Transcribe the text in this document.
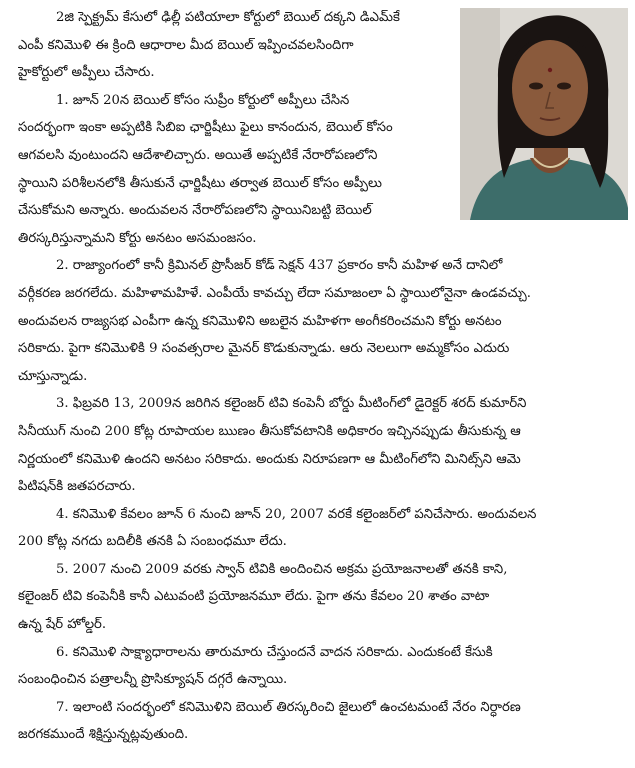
2జి స్పెక్ట్రమ్ కేసులో ఢిల్లీ పటియాలా కోర్టులో బెయిల్ దక్కని డిఎమ్‌కే
ఎంపీ కనిమొళి ఈ క్రింది ఆధారాల మీద బెయిల్ ఇప్పించవలసిందిగా
హైకోర్టులో అప్పీలు చేసారు.

1. జూన్ 20న బెయిల్ కోసం సుప్రీం కోర్టులో అప్పీలు చేసిన
సందర్భంగా ఇంకా అప్పటికి సిబిఐ ఛార్జిషీటు ఫైలు కానందున, బెయిల్ కోసం
ఆగవలసి వుంటుందని ఆదేశాలిచ్చారు. అయితే అప్పటికే నేరారోపణలోని
స్థాయిని పరిశీలనలోకి తీసుకునే ఛార్జిషీటు తర్వాత బెయిల్ కోసం అప్పీలు
చేసుకోమని అన్నారు. అందువలన నేరారోపణలోని స్థాయినిబట్టి బెయిల్
తిరస్కరిస్తున్నామని కోర్టు అనటం అసమంజసం.

2. రాజ్యాంగంలో కానీ క్రిమినల్ ప్రొసీజర్ కోడ్ సెక్షన్ 437 ప్రకారం కానీ మహిళ అనే దానిలో
వర్గీకరణ జరగలేదు. మహిళామహిళే. ఎంపీయే కావచ్చు లేదా సమాజంలా ఏ స్థాయిలోనైనా ఉండవచ్చు.
అందువలన రాజ్యసభ ఎంపీగా ఉన్న కనిమొళిని అబలైన మహిళగా అంగీకరించమని కోర్టు అనటం
సరికాదు. పైగా కనిమొళికి 9 సంవత్సరాల మైనర్ కొడుకున్నాడు. ఆరు నెలలుగా అమ్మకోసం ఎదురు
చూస్తున్నాడు.

3. ఫిబ్రవరి 13, 2009న జరిగిన కలైంజర్ టివి కంపెనీ బోర్డు మీటింగ్‌లో డైరెక్టర్ శరద్ కుమార్‌ని
సినీయుగ్ నుంచి 200 కోట్ల రూపాయల ఋణం తీసుకోవటానికి అధికారం ఇచ్చినప్పుడు తీసుకున్న ఆ
నిర్ణయంలో కనిమొళి ఉందని అనటం సరికాదు. అందుకు నిరూపణగా ఆ మీటింగ్‌లోని మినిట్స్‌ని ఆమె
పిటిషన్‌కి జతపరచారు.

4. కనిమొళి కేవలం జూన్ 6 నుంచి జూన్ 20, 2007 వరకే కలైంజర్‌లో పనిచేసారు. అందువలన
200 కోట్ల నగదు బదిలీకి తనకి ఏ సంబంధమూ లేదు.

5. 2007 నుంచి 2009 వరకు స్వాన్ టివికి అందించిన అక్రమ ప్రయోజనాలతో తనకి కాని,
కలైంజర్ టివి కంపెనీకి కానీ ఎటువంటి ప్రయోజనమూ లేదు. పైగా తను కేవలం 20 శాతం వాటా
ఉన్న షేర్ హోల్డర్.

6. కనిమొళి సాక్ష్యాధారాలను తారుమారు చేస్తుందనే వాదన సరికాదు. ఎందుకంటే కేసుకి
సంబంధించిన పత్రాలన్నీ ప్రొసిక్యూషన్ దగ్గరే ఉన్నాయి.

7. ఇలాంటి సందర్భంలో కనిమొళిని బెయిల్ తిరస్కరించి జైలులో ఉంచటమంటే నేరం నిర్ధారణ
జరగకముందే శిక్షిస్తున్నట్లవుతుంది.
